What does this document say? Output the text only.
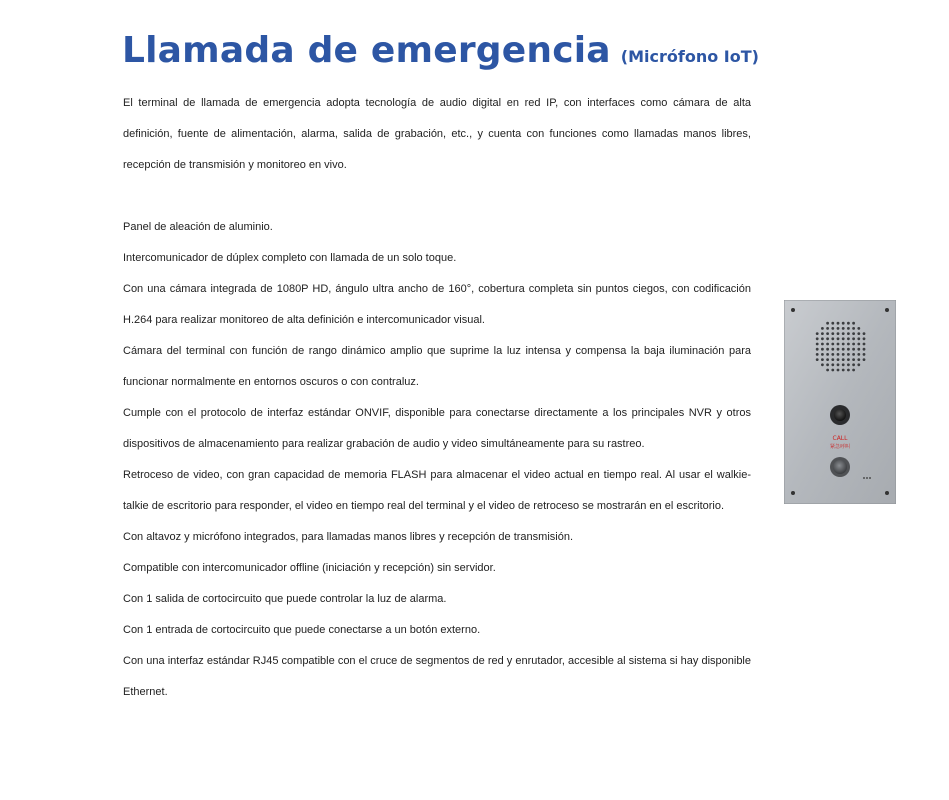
Llamada de emergencia (Micrófono IoT)

El terminal de llamada de emergencia adopta tecnología de audio digital en red IP, con interfaces como cámara de alta definición, fuente de alimentación, alarma, salida de grabación, etc., y cuenta con funciones como llamadas manos libres, recepción de transmisión y monitoreo en vivo.

Panel de aleación de aluminio.

Intercomunicador de dúplex completo con llamada de un solo toque.

Con una cámara integrada de 1080P HD, ángulo ultra ancho de 160°, cobertura completa sin puntos ciegos, con codificación H.264 para realizar monitoreo de alta definición e intercomunicador visual.

Cámara del terminal con función de rango dinámico amplio que suprime la luz intensa y compensa la baja iluminación para funcionar normalmente en entornos oscuros o con contraluz.

Cumple con el protocolo de interfaz estándar ONVIF, disponible para conectarse directamente a los principales NVR y otros dispositivos de almacenamiento para realizar grabación de audio y video simultáneamente para su rastreo.

Retroceso de video, con gran capacidad de memoria FLASH para almacenar el video actual en tiempo real. Al usar el walkie-talkie de escritorio para responder, el video en tiempo real del terminal y el video de retroceso se mostrarán en el escritorio.

Con altavoz y micrófono integrados, para llamadas manos libres y recepción de transmisión.

Compatible con intercomunicador offline (iniciación y recepción) sin servidor.

Con 1 salida de cortocircuito que puede controlar la luz de alarma.

Con 1 entrada de cortocircuito que puede conectarse a un botón externo.

Con una interfaz estándar RJ45 compatible con el cruce de segmentos de red y enrutador, accesible al sistema si hay disponible Ethernet.

CALL
紧急呼叫
